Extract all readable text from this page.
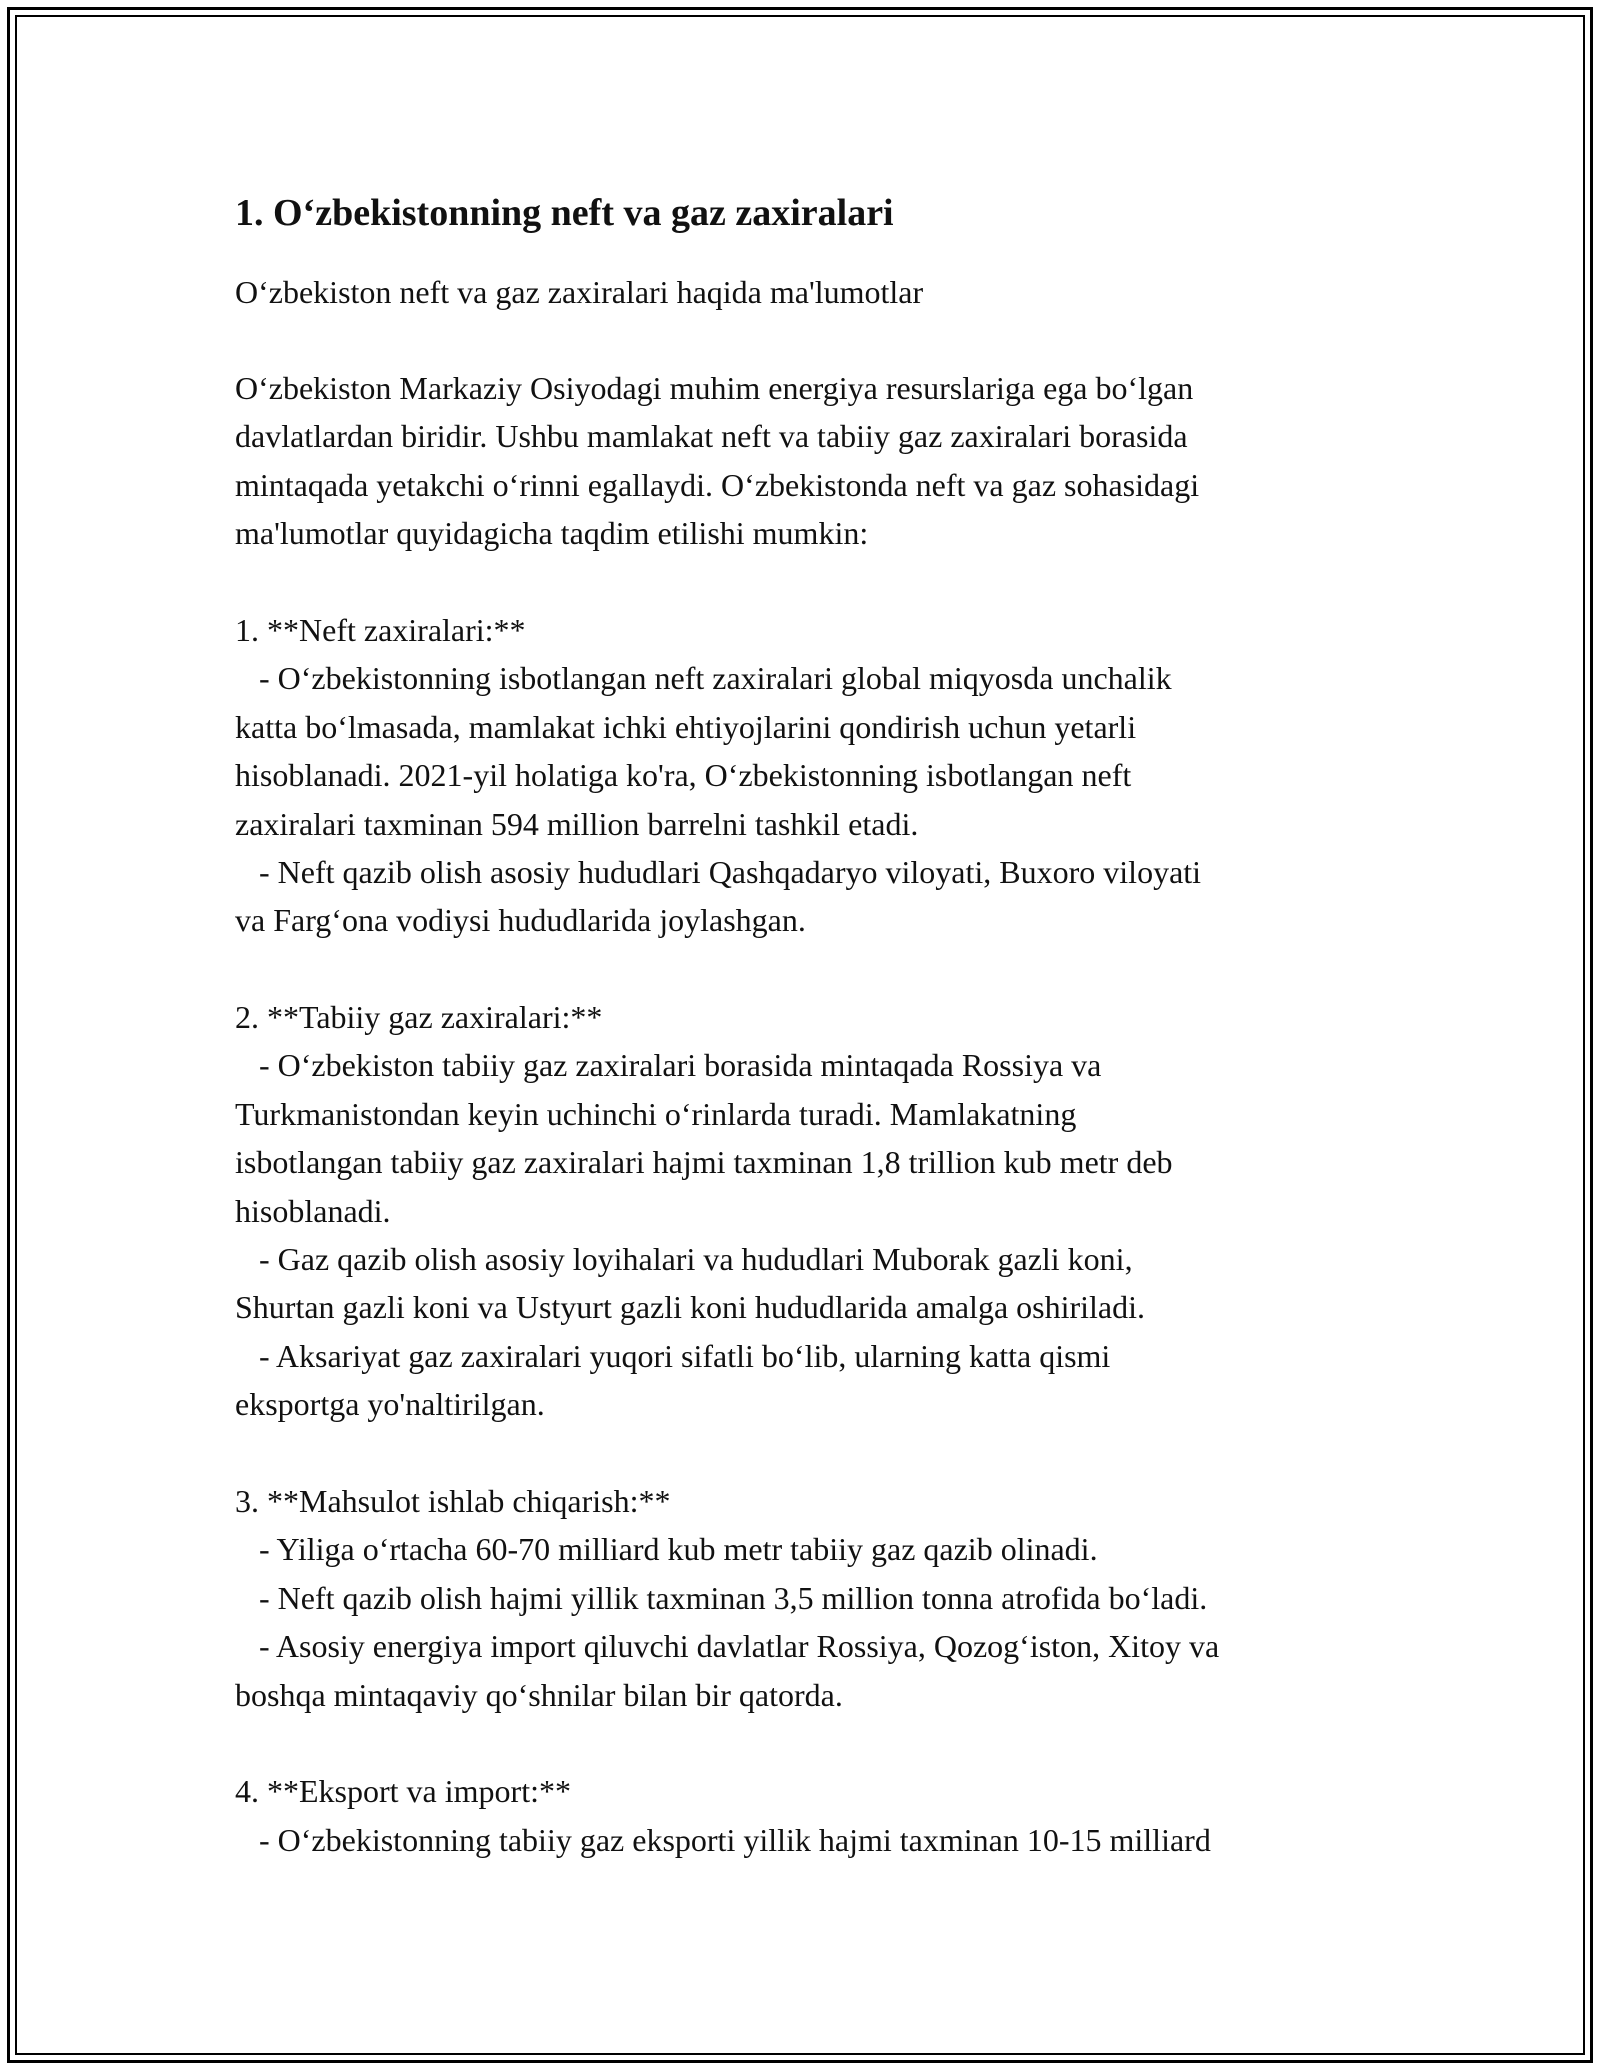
1. O‘zbekistonning neft va gaz zaxiralari

O‘zbekiston neft va gaz zaxiralari haqida ma'lumotlar

O‘zbekiston Markaziy Osiyodagi muhim energiya resurslariga ega bo‘lgan
davlatlardan biridir. Ushbu mamlakat neft va tabiiy gaz zaxiralari borasida
mintaqada yetakchi o‘rinni egallaydi. O‘zbekistonda neft va gaz sohasidagi
ma'lumotlar quyidagicha taqdim etilishi mumkin:
1. **Neft zaxiralari:**
- O‘zbekistonning isbotlangan neft zaxiralari global miqyosda unchalik
katta bo‘lmasada, mamlakat ichki ehtiyojlarini qondirish uchun yetarli
hisoblanadi. 2021-yil holatiga ko'ra, O‘zbekistonning isbotlangan neft
zaxiralari taxminan 594 million barrelni tashkil etadi.
- Neft qazib olish asosiy hududlari Qashqadaryo viloyati, Buxoro viloyati
va Farg‘ona vodiysi hududlarida joylashgan.
2. **Tabiiy gaz zaxiralari:**
- O‘zbekiston tabiiy gaz zaxiralari borasida mintaqada Rossiya va
Turkmanistondan keyin uchinchi o‘rinlarda turadi. Mamlakatning
isbotlangan tabiiy gaz zaxiralari hajmi taxminan 1,8 trillion kub metr deb
hisoblanadi.
- Gaz qazib olish asosiy loyihalari va hududlari Muborak gazli koni,
Shurtan gazli koni va Ustyurt gazli koni hududlarida amalga oshiriladi.
- Aksariyat gaz zaxiralari yuqori sifatli bo‘lib, ularning katta qismi
eksportga yo'naltirilgan.
3. **Mahsulot ishlab chiqarish:**
- Yiliga o‘rtacha 60-70 milliard kub metr tabiiy gaz qazib olinadi.
- Neft qazib olish hajmi yillik taxminan 3,5 million tonna atrofida bo‘ladi.
- Asosiy energiya import qiluvchi davlatlar Rossiya, Qozog‘iston, Xitoy va
boshqa mintaqaviy qo‘shnilar bilan bir qatorda.
4. **Eksport va import:**
- O‘zbekistonning tabiiy gaz eksporti yillik hajmi taxminan 10-15 milliard
